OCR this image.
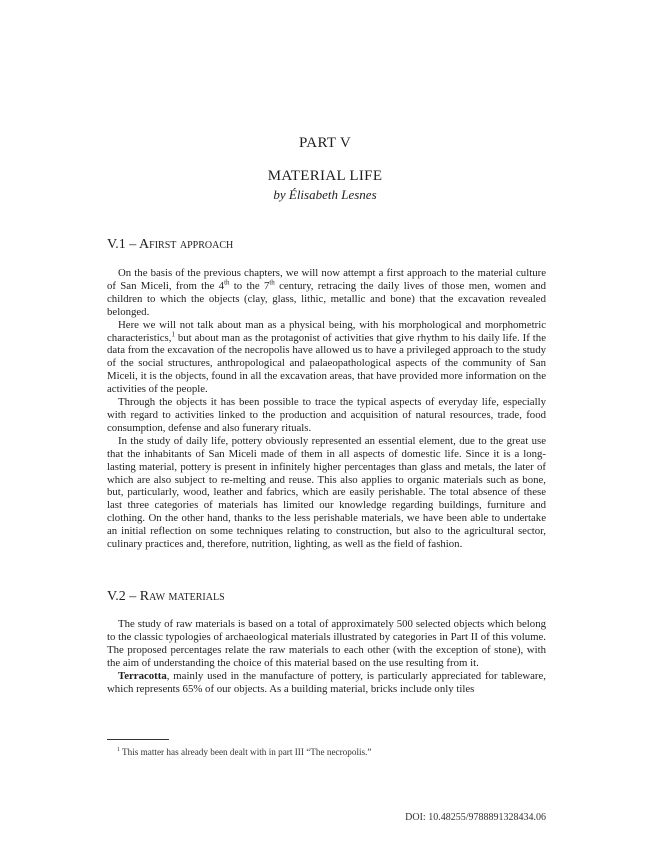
PART V
MATERIAL LIFE
by Élisabeth Lesnes
V.1 – Afirst approach

On the basis of the previous chapters, we will now attempt a first approach to the material culture of San Miceli, from the 4th to the 7th century, retracing the daily lives of those men, women and children to which the objects (clay, glass, lithic, metallic and bone) that the excavation revealed belonged.

Here we will not talk about man as a physical being, with his morphological and morphometric characteristics,$^1$ but about man as the protagonist of activities that give rhythm to his daily life. If the data from the excavation of the necropolis have allowed us to have a privileged approach to the study of the social structures, anthropological and palaeopathological aspects of the community of San Miceli, it is the objects, found in all the excavation areas, that have provided more information on the activities of the people.

Through the objects it has been possible to trace the typical aspects of everyday life, especially with regard to activities linked to the production and acquisition of natural resources, trade, food consumption, defense and also funerary rituals.

In the study of daily life, pottery obviously represented an essential element, due to the great use that the inhabitants of San Miceli made of them in all aspects of domestic life. Since it is a long-lasting material, pottery is present in infinitely higher percentages than glass and metals, the later of which are also subject to re-melting and reuse. This also applies to organic materials such as bone, but, particularly, wood, leather and fabrics, which are easily perishable. The total absence of these last three categories of materials has limited our knowledge regarding buildings, furniture and clothing. On the other hand, thanks to the less perishable materials, we have been able to undertake an initial reflection on some techniques relating to construction, but also to the agricultural sector, culinary practices and, therefore, nutrition, lighting, as well as the field of fashion.

V.2 – Raw materials

The study of raw materials is based on a total of approximately 500 selected objects which belong to the classic typologies of archaeological materials illustrated by categories in Part II of this volume. The proposed percentages relate the raw materials to each other (with the exception of stone), with the aim of understanding the choice of this material based on the use resulting from it.

Terracotta, mainly used in the manufacture of pottery, is particularly appreciated for tableware, which represents 65% of our objects. As a building material, bricks include only tiles

$^1$ This matter has already been dealt with in part III “The necropolis.”
DOI: 10.48255/9788891328434.06
